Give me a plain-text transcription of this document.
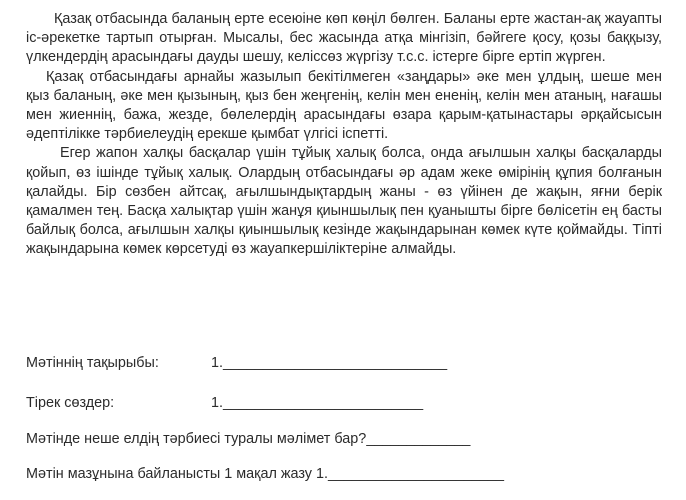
Қазақ отбасында баланың ерте есеюіне көп көңіл бөлген. Баланы ерте жастан-ақ жауапты іс-әрекетке тартып отырған. Мысалы, бес жасында атқа мінгізіп, бәйгеге қосу, қозы баққызу, үлкендердің арасындағы дауды шешу, келіссөз жүргізу т.с.с. істерге бірге ертіп жүрген.

Қазақ отбасындағы арнайы жазылып бекітілмеген «заңдары» әке мен ұлдың, шеше мен қыз баланың, әке мен қызының, қыз бен жеңгенің, келін мен ененің, келін мен атаның, нағашы мен жиеннің, бажа, жезде, бөлелердің арасындағы өзара қарым-қатынастары әрқайсысын әдептілікке тәрбиелеудің ерекше қымбат үлгісі іспетті.

Егер жапон халқы басқалар үшін тұйық халық болса, онда ағылшын халқы басқаларды қойып, өз ішінде тұйық халық. Олардың отбасындағы әр адам жеке өмірінің құпия болғанын қалайды. Бір сөзбен айтсақ, ағылшындықтардың жаны - өз үйінен де жақын, яғни берік қамалмен тең. Басқа халықтар үшін жанұя қиыншылық пен қуанышты бірге бөлісетін ең басты байлық болса, ағылшын халқы қиыншылық кезінде жақындарынан көмек күте қоймайды. Тіпті жақындарына көмек көрсетуді өз жауапкершіліктеріне алмайды.

Мәтіннің тақырыбы:	1.____________________________
Тірек сөздер:	1._________________________
Мәтінде неше елдің тәрбиесі туралы мәлімет бар?_____________
Мәтін мазұнына байланысты 1 мақал жазу 1.______________________
